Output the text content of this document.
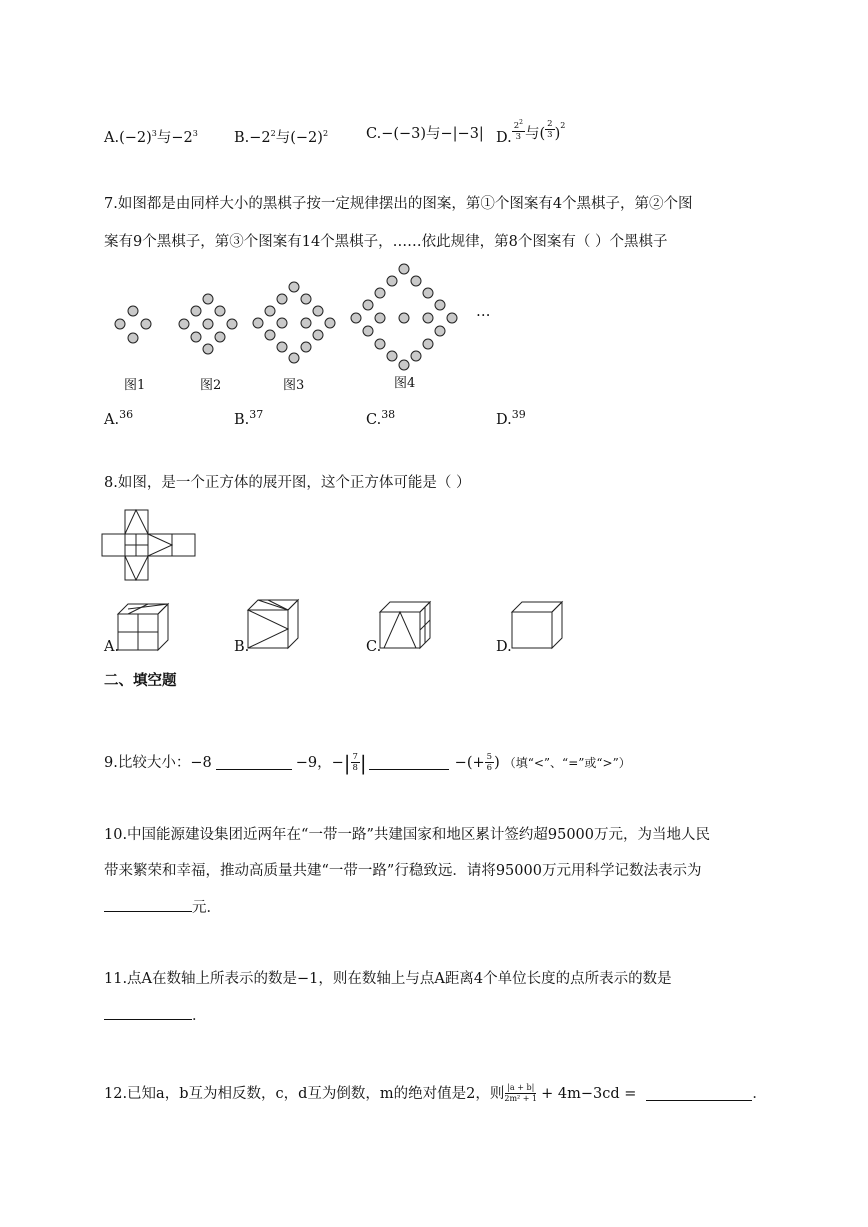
$A.(-2)^3$与$-2^3$ $B.-2^2$与$(-2)^2$	C.−(−3)与−|−3| D. $\frac{2^2}{3}$ 与( $\frac{2}{3} )^2$
7.如图都是由同样大小的黑棋子按一定规律摆出的图案，第①个图案有4个黑棋子，第②个图
案有9个黑棋子，第③个图案有14个黑棋子，……依此规律，第8个图案有（ ）个黑棋子
…
图1	图2	图3	图4
A.$^{36}$	B.$^{37}$	C.$^{38}$	D.$^{39}$
8.如图，是一个正方体的展开图，这个正方体可能是（ ）
A.	B.	C.	D.
二、填空题
9.比较大小：−8	−9，− | $\frac{7}{8}$ |	−(+ $\frac{5}{6}$ ) （填“<”、“=”或“>”）
10.中国能源建设集团近两年在“一带一路”共建国家和地区累计签约超95000万元，为当地人民
带来繁荣和幸福，推动高质量共建“一带一路”行稳致远．请将95000万元用科学记数法表示为
元．
11.点A在数轴上所表示的数是−1，则在数轴上与点A距离4个单位长度的点所表示的数是
．
12.已知a，b互为相反数，c，d互为倒数，m的绝对值是2，则 $\frac{|a + b|}{\text{2m² + 1}} + 4m-3cd$ =	．
